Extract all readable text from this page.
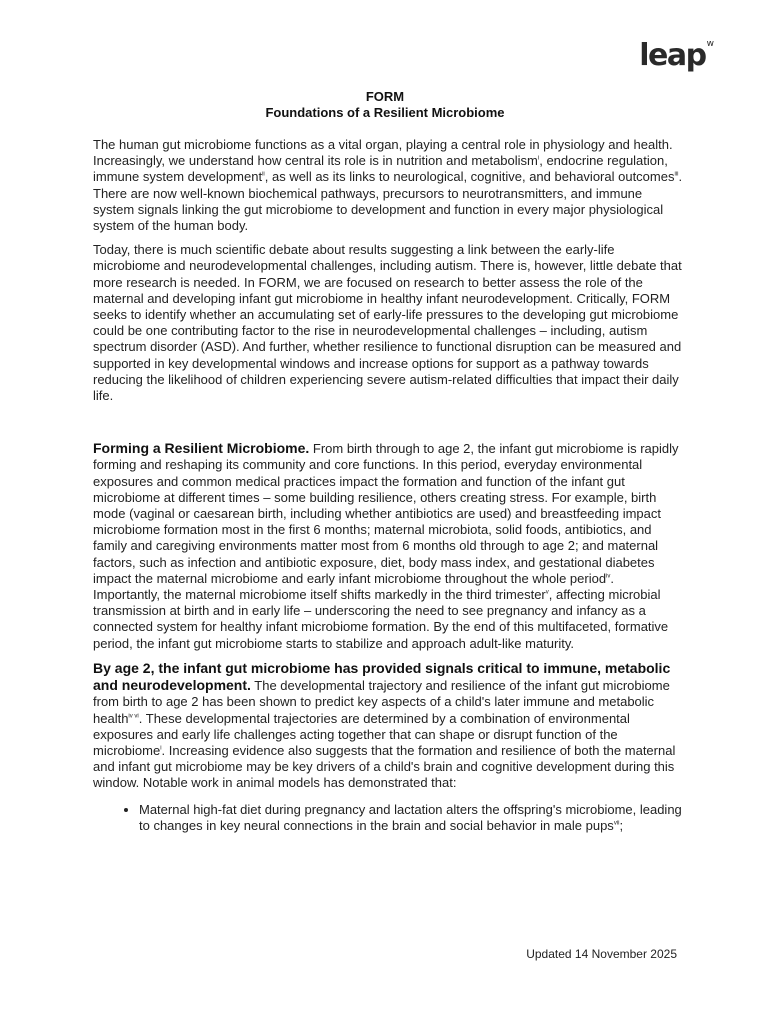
leap$^w$
FORM
Foundations of a Resilient Microbiome

The human gut microbiome functions as a vital organ, playing a central role in physiology and health. Increasingly, we understand how central its role is in nutrition and metabolism$^i$, endocrine regulation, immune system development$^{ii}$, as well as its links to neurological, cognitive, and behavioral outcomes$^{iii}$. There are now well-known biochemical pathways, precursors to neurotransmitters, and immune system signals linking the gut microbiome to development and function in every major physiological system of the human body.

Today, there is much scientific debate about results suggesting a link between the early-life microbiome and neurodevelopmental challenges, including autism. There is, however, little debate that more research is needed. In FORM, we are focused on research to better assess the role of the maternal and developing infant gut microbiome in healthy infant neurodevelopment. Critically, FORM seeks to identify whether an accumulating set of early-life pressures to the developing gut microbiome could be one contributing factor to the rise in neurodevelopmental challenges – including, autism spectrum disorder (ASD). And further, whether resilience to functional disruption can be measured and supported in key developmental windows and increase options for support as a pathway towards reducing the likelihood of children experiencing severe autism-related difficulties that impact their daily life.

Forming a Resilient Microbiome. From birth through to age 2, the infant gut microbiome is rapidly forming and reshaping its community and core functions. In this period, everyday environmental exposures and common medical practices impact the formation and function of the infant gut microbiome at different times – some building resilience, others creating stress. For example, birth mode (vaginal or caesarean birth, including whether antibiotics are used) and breastfeeding impact microbiome formation most in the first 6 months; maternal microbiota, solid foods, antibiotics, and family and caregiving environments matter most from 6 months old through to age 2; and maternal factors, such as infection and antibiotic exposure, diet, body mass index, and gestational diabetes impact the maternal microbiome and early infant microbiome throughout the whole period$^{iv}$. Importantly, the maternal microbiome itself shifts markedly in the third trimester$^v$, affecting microbial transmission at birth and in early life – underscoring the need to see pregnancy and infancy as a connected system for healthy infant microbiome formation. By the end of this multifaceted, formative period, the infant gut microbiome starts to stabilize and approach adult-like maturity.

By age 2, the infant gut microbiome has provided signals critical to immune, metabolic and neurodevelopment. The developmental trajectory and resilience of the infant gut microbiome from birth to age 2 has been shown to predict key aspects of a child's later immune and metabolic health$^{iv vi}$. These developmental trajectories are determined by a combination of environmental exposures and early life challenges acting together that can shape or disrupt function of the microbiome$^i$. Increasing evidence also suggests that the formation and resilience of both the maternal and infant gut microbiome may be key drivers of a child's brain and cognitive development during this window. Notable work in animal models has demonstrated that:

• Maternal high-fat diet during pregnancy and lactation alters the offspring's microbiome, leading to changes in key neural connections in the brain and social behavior in male pups$^{vii}$;
Updated 14 November 2025
